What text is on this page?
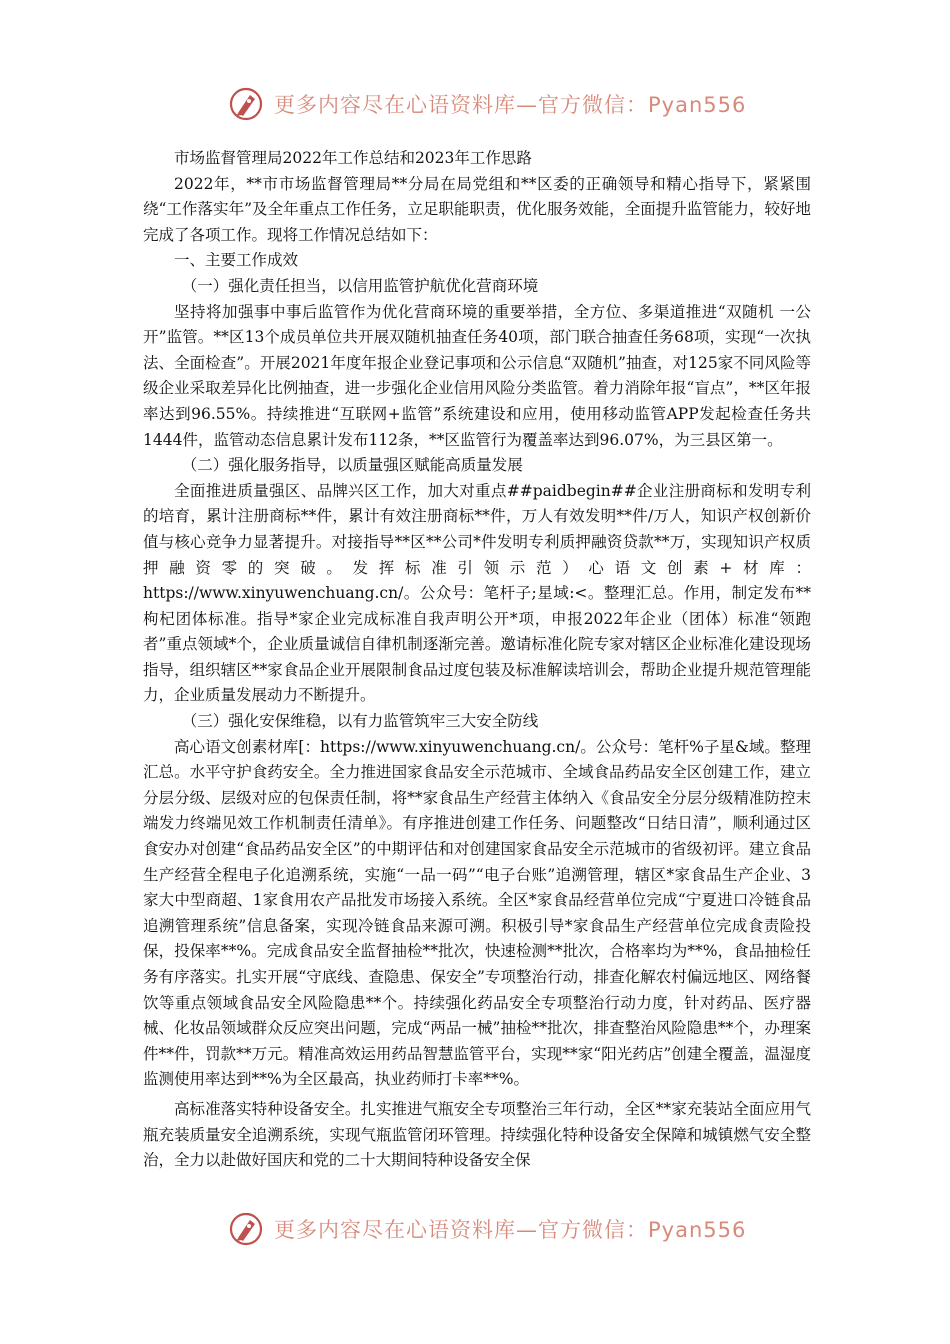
更多内容尽在心语资料库—官方微信：Pyan556

市场监督管理局2022年工作总结和2023年工作思路

2022年，**市市场监督管理局**分局在局党组和**区委的正确领导和精心指导下，紧紧围绕“工作落实年”及全年重点工作任务，立足职能职责，优化服务效能，全面提升监管能力，较好地完成了各项工作。现将工作情况总结如下：

一、主要工作成效

（一）强化责任担当，以信用监管护航优化营商环境

坚持将加强事中事后监管作为优化营商环境的重要举措，全方位、多渠道推进“双随机 一公开”监管。**区13个成员单位共开展双随机抽查任务40项，部门联合抽查任务68项，实现“一次执法、全面检查”。开展2021年度年报企业登记事项和公示信息“双随机”抽查，对125家不同风险等级企业采取差异化比例抽查，进一步强化企业信用风险分类监管。着力消除年报“盲点”，**区年报率达到96.55%。持续推进“互联网+监管”系统建设和应用，使用移动监管APP发起检查任务共1444件，监管动态信息累计发布112条，**区监管行为覆盖率达到96.07%，为三县区第一。

（二）强化服务指导，以质量强区赋能高质量发展

全面推进质量强区、品牌兴区工作，加大对重点##paidbegin##企业注册商标和发明专利的培育，累计注册商标**件，累计有效注册商标**件，万人有效发明**件/万人，知识产权创新价值与核心竞争力显著提升。对接指导**区**公司*件发明专利质押融资贷款**万，实现知识产权质押融资零的突破。发挥标准引领示范）心语文创素+材库：https://www.xinyuwenchuang.cn/。公众号：笔杆子;星域:<。整理汇总。作用，制定发布**枸杞团体标准。指导*家企业完成标准自我声明公开*项，申报2022年企业（团体）标准“领跑者”重点领域*个，企业质量诚信自律机制逐渐完善。邀请标准化院专家对辖区企业标准化建设现场指导，组织辖区**家食品企业开展限制食品过度包装及标准解读培训会，帮助企业提升规范管理能力，企业质量发展动力不断提升。

（三）强化安保维稳，以有力监管筑牢三大安全防线

高心语文创素材库[：https://www.xinyuwenchuang.cn/。公众号：笔杆%子星&域。整理汇总。水平守护食药安全。全力推进国家食品安全示范城市、全域食品药品安全区创建工作，建立分层分级、层级对应的包保责任制，将**家食品生产经营主体纳入《食品安全分层分级精准防控末端发力终端见效工作机制责任清单》。有序推进创建工作任务、问题整改“日结日清”，顺利通过区食安办对创建“食品药品安全区”的中期评估和对创建国家食品安全示范城市的省级初评。建立食品生产经营全程电子化追溯系统，实施“一品一码”“电子台账”追溯管理，辖区*家食品生产企业、3家大中型商超、1家食用农产品批发市场接入系统。全区*家食品经营单位完成“宁夏进口冷链食品追溯管理系统”信息备案，实现冷链食品来源可溯。积极引导*家食品生产经营单位完成食责险投保，投保率**%。完成食品安全监督抽检**批次，快速检测**批次，合格率均为**%，食品抽检任务有序落实。扎实开展“守底线、查隐患、保安全”专项整治行动，排查化解农村偏远地区、网络餐饮等重点领域食品安全风险隐患**个。持续强化药品安全专项整治行动力度，针对药品、医疗器械、化妆品领域群众反应突出问题，完成“两品一械”抽检**批次，排查整治风险隐患**个，办理案件**件，罚款**万元。精准高效运用药品智慧监管平台，实现**家“阳光药店”创建全覆盖，温湿度监测使用率达到**%为全区最高，执业药师打卡率**%。

高标准落实特种设备安全。扎实推进气瓶安全专项整治三年行动，全区**家充装站全面应用气瓶充装质量安全追溯系统，实现气瓶监管闭环管理。持续强化特种设备安全保障和城镇燃气安全整治，全力以赴做好国庆和党的二十大期间特种设备安全保

更多内容尽在心语资料库—官方微信：Pyan556
